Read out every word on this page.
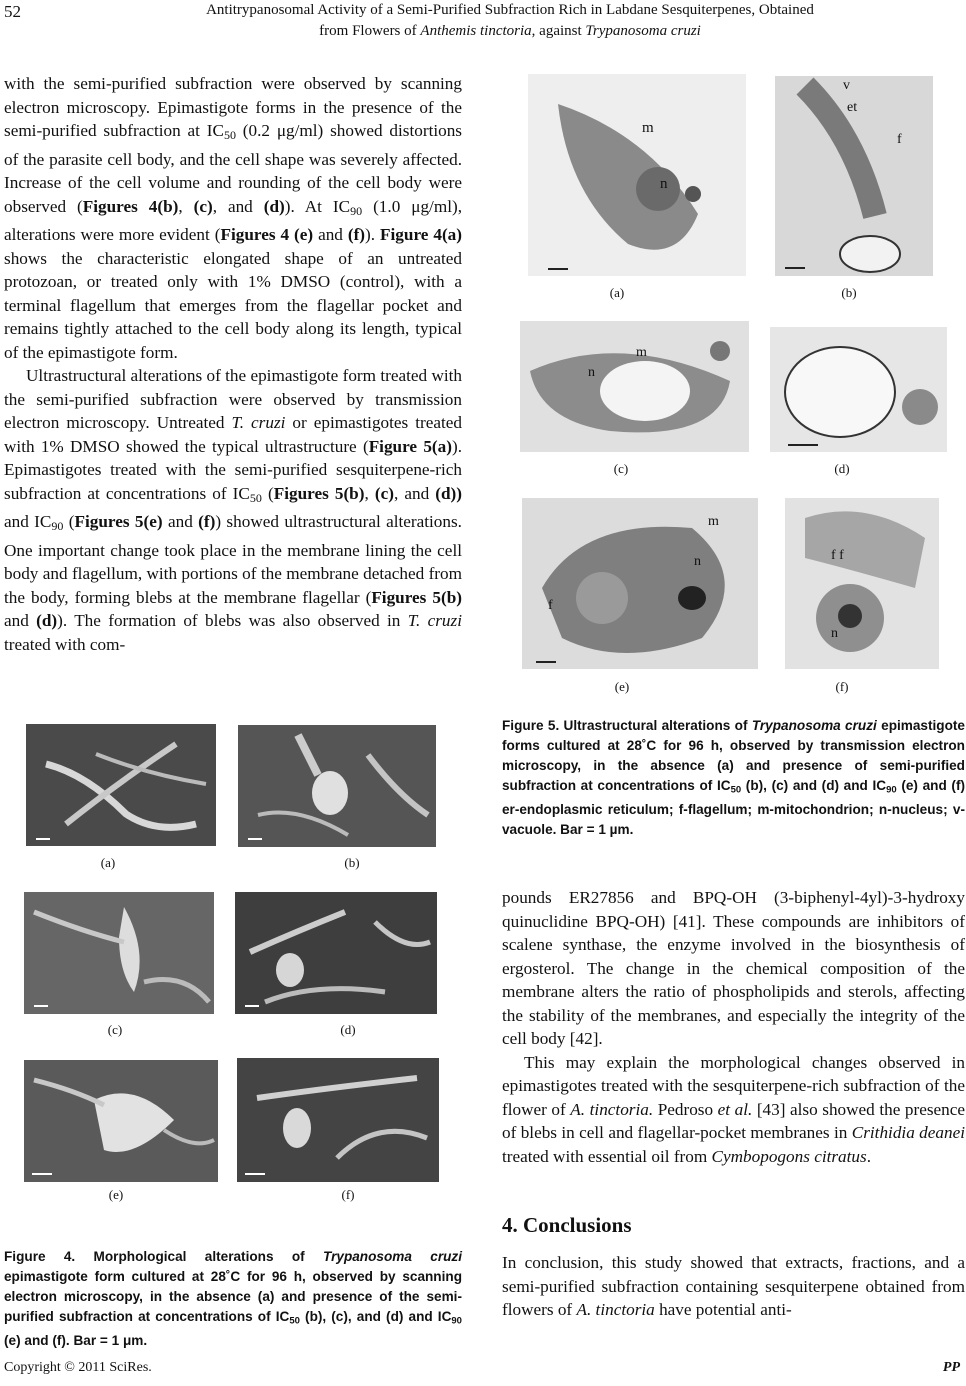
52	Antitrypanosomal Activity of a Semi-Purified Subfraction Rich in Labdane Sesquiterpenes, Obtained
from Flowers of Anthemis tinctoria, against Trypanosoma cruzi

with the semi-purified subfraction were observed by scanning electron microscopy. Epimastigote forms in the presence of the semi-purified subfraction at $IC_{50}$ (0.2 μg/ml) showed distortions of the parasite cell body, and the cell shape was severely affected. Increase of the cell volume and rounding of the cell body were observed (Figures 4(b), (c), and (d)). At $IC_{90}$ (1.0 μg/ml), alterations were more evident (Figures 4 (e) and (f)). Figure 4(a) shows the characteristic elongated shape of an untreated protozoan, or treated only with 1% DMSO (control), with a terminal flagellum that emerges from the flagellar pocket and remains tightly attached to the cell body along its length, typical of the epimastigote form.

Ultrastructural alterations of the epimastigote form treated with the semi-purified subfraction were observed by transmission electron microscopy. Untreated T. cruzi or epimastigotes treated with 1% DMSO showed the typical ultrastructure (Figure 5(a)). Epimastigotes treated with the semi-purified sesquiterpene-rich subfraction at concentrations of $IC_{50}$ (Figures 5(b), (c), and (d)) and $IC_{90}$ (Figures 5(e) and (f)) showed ultrastructural alterations. One important change took place in the membrane lining the cell body and flagellum, with portions of the membrane detached from the body, forming blebs at the membrane flagellar (Figures 5(b) and (d)). The formation of blebs was also observed in T. cruzi treated with com-

(a)	(b)
(c)	(d)
(e)	(f)
Figure 4. Morphological alterations of Trypanosoma cruzi epimastigote form cultured at 28˚C for 96 h, observed by scanning electron microscopy, in the absence (a) and presence of the semi-purified subfraction at concentrations of $IC_{50}$ (b), (c), and (d) and $IC_{90}$ (e) and (f). Bar = 1 μm.
m
n
v
et
f
(a)	(b)
m
n
(c)	(d)
m
n
f
f f
n
(e)	(f)
Figure 5. Ultrastructural alterations of Trypanosoma cruzi epimastigote forms cultured at 28˚C for 96 h, observed by transmission electron microscopy, in the absence (a) and presence of semi-purified subfraction at concentrations of $IC_{50}$ (b), (c) and (d) and $IC_{90}$ (e) and (f) er-endoplasmic reticulum; f-flagellum; m-mitochondrion; n-nucleus; v-vacuole. Bar = 1 µm.

pounds ER27856 and BPQ-OH (3-biphenyl-4yl)-3-hydroxy quinuclidine BPQ-OH) [41]. These compounds are inhibitors of scalene synthase, the enzyme involved in the biosynthesis of ergosterol. The change in the chemical composition of the membrane alters the ratio of phospholipids and sterols, affecting the stability of the membranes, and especially the integrity of the cell body [42].

This may explain the morphological changes observed in epimastigotes treated with the sesquiterpene-rich subfraction of the flower of A. tinctoria. Pedroso et al. [43] also showed the presence of blebs in cell and flagellar-pocket membranes in Crithidia deanei treated with essential oil from Cymbopogons citratus.

4. Conclusions

In conclusion, this study showed that extracts, fractions, and a semi-purified subfraction containing sesquiterpene obtained from flowers of A. tinctoria have potential anti-

Copyright © 2011 SciRes.	PP
